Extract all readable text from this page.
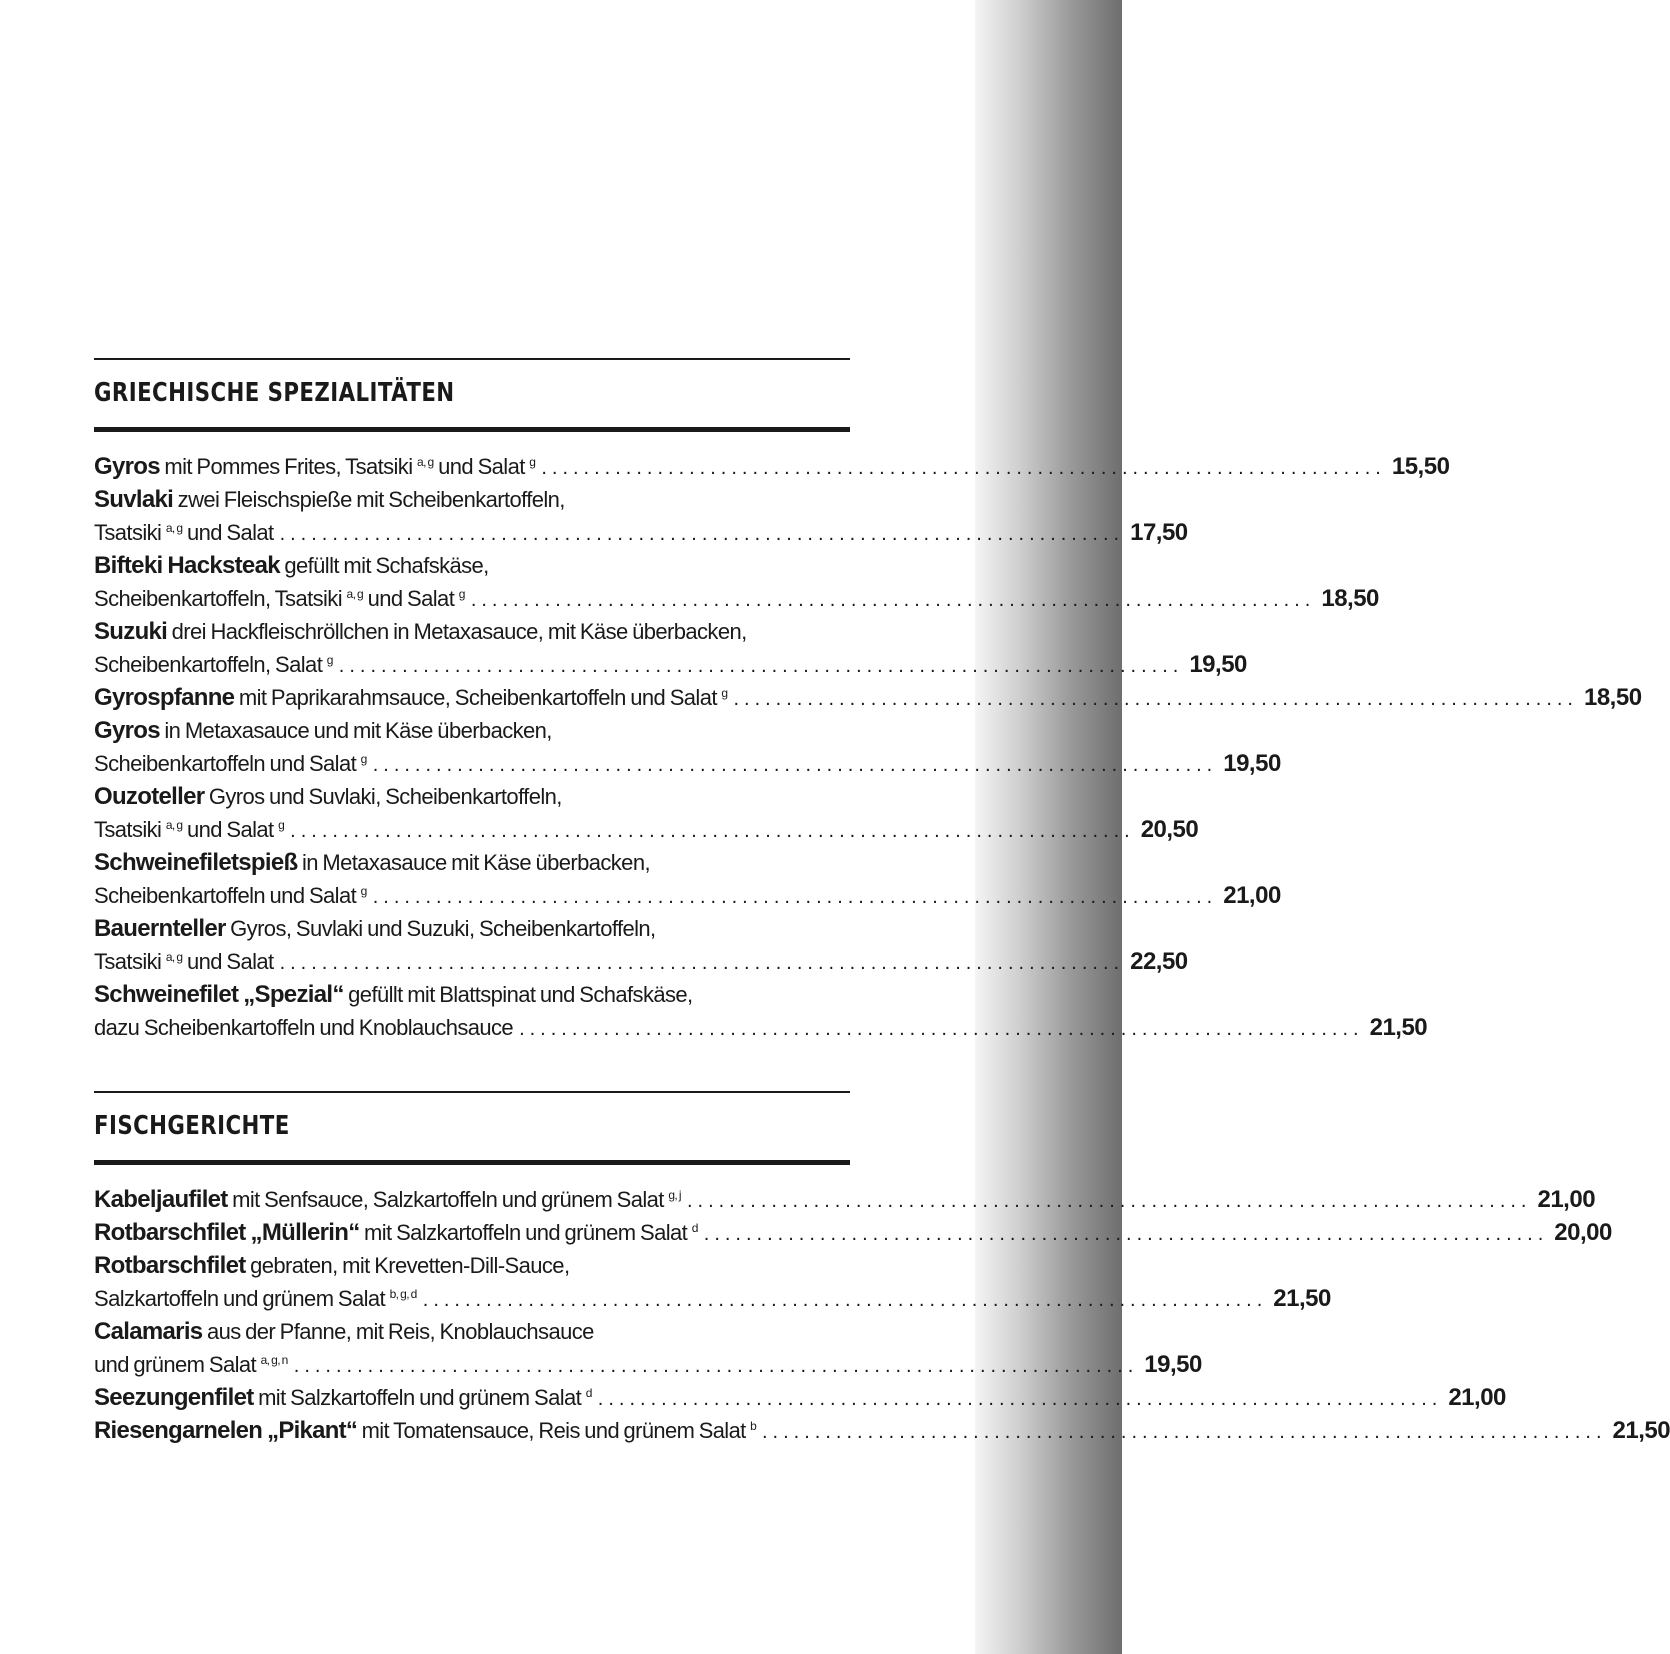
GRIECHISCHE SPEZIALITÄTEN
Gyros mit Pommes Frites, Tsatsiki $^{a, g}$ und Salat $^g$ ................................................................................ 15,50
Suvlaki zwei Fleischspieße mit Scheibenkartoffeln,
Tsatsiki $^{a, g}$ und Salat ................................................................................ 17,50
Bifteki Hacksteak gefüllt mit Schafskäse,
Scheibenkartoffeln, Tsatsiki $^{a, g}$ und Salat $^g$ ................................................................................ 18,50
Suzuki drei Hackfleischröllchen in Metaxasauce, mit Käse überbacken,
Scheibenkartoffeln, Salat $^g$ ................................................................................ 19,50
Gyrospfanne mit Paprikarahmsauce, Scheibenkartoffeln und Salat $^g$ ................................................................................ 18,50
Gyros in Metaxasauce und mit Käse überbacken,
Scheibenkartoffeln und Salat $^g$ ................................................................................ 19,50
Ouzoteller Gyros und Suvlaki, Scheibenkartoffeln,
Tsatsiki $^{a, g}$ und Salat $^g$ ................................................................................ 20,50
Schweinefiletspieß in Metaxasauce mit Käse überbacken,
Scheibenkartoffeln und Salat $^g$ ................................................................................ 21,00
Bauernteller Gyros, Suvlaki und Suzuki, Scheibenkartoffeln,
Tsatsiki $^{a, g}$ und Salat ................................................................................ 22,50
Schweinefilet „Spezial“ gefüllt mit Blattspinat und Schafskäse,
dazu Scheibenkartoffeln und Knoblauchsauce ................................................................................ 21,50
FISCHGERICHTE
Kabeljaufilet mit Senfsauce, Salzkartoffeln und grünem Salat $^{g, j}$ ................................................................................ 21,00
Rotbarschfilet „Müllerin“ mit Salzkartoffeln und grünem Salat $^d$ ................................................................................ 20,00
Rotbarschfilet gebraten, mit Krevetten-Dill-Sauce,
Salzkartoffeln und grünem Salat $^{b, g, d}$ ................................................................................ 21,50
Calamaris aus der Pfanne, mit Reis, Knoblauchsauce
und grünem Salat $^{a, g, n}$ ................................................................................ 19,50
Seezungenfilet mit Salzkartoffeln und grünem Salat $^d$ ................................................................................ 21,00
Riesengarnelen „Pikant“ mit Tomatensauce, Reis und grünem Salat $^b$ ................................................................................ 21,50
